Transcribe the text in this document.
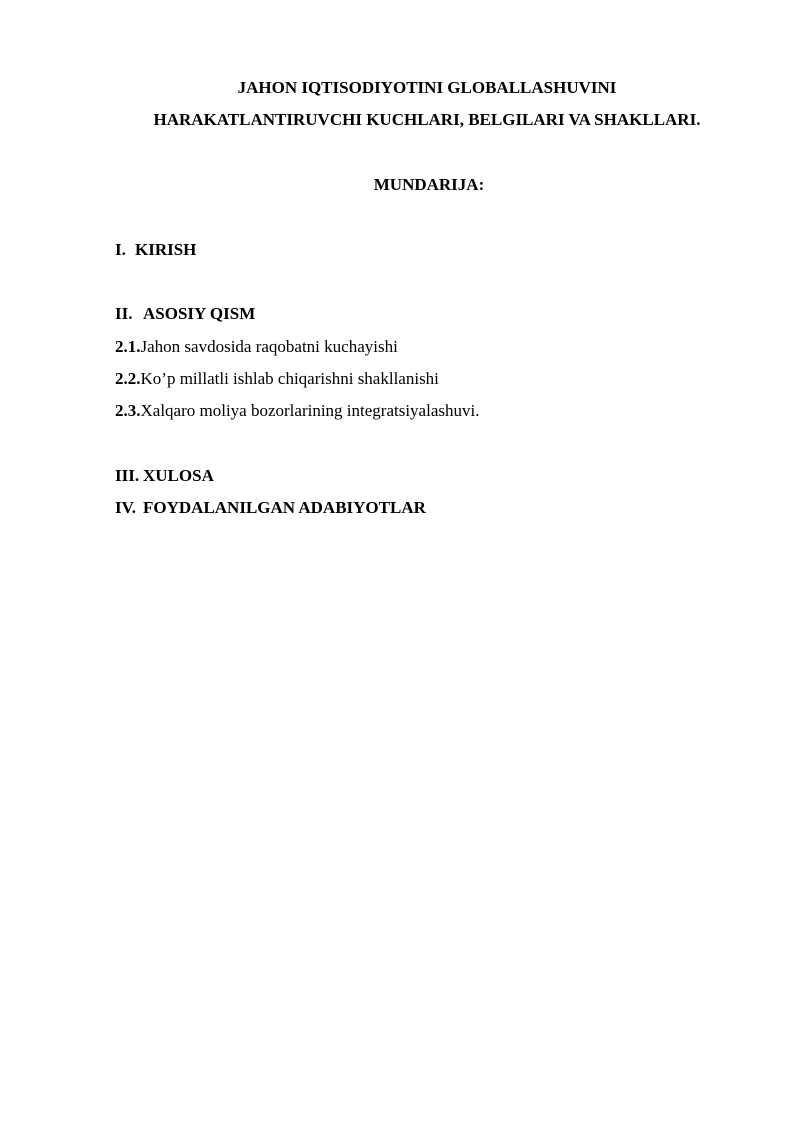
JAHON IQTISODIYOTINI GLOBALLASHUVINI
HARAKATLANTIRUVCHI KUCHLARI, BELGILARI VA SHAKLLARI.
MUNDARIJA:
I. KIRISH
II. ASOSIY QISM
2.1.Jahon savdosida raqobatni kuchayishi
2.2.Ko’p millatli ishlab chiqarishni shakllanishi
2.3.Xalqaro moliya bozorlarining integratsiyalashuvi.
III. XULOSA
IV. FOYDALANILGAN ADABIYOTLAR
